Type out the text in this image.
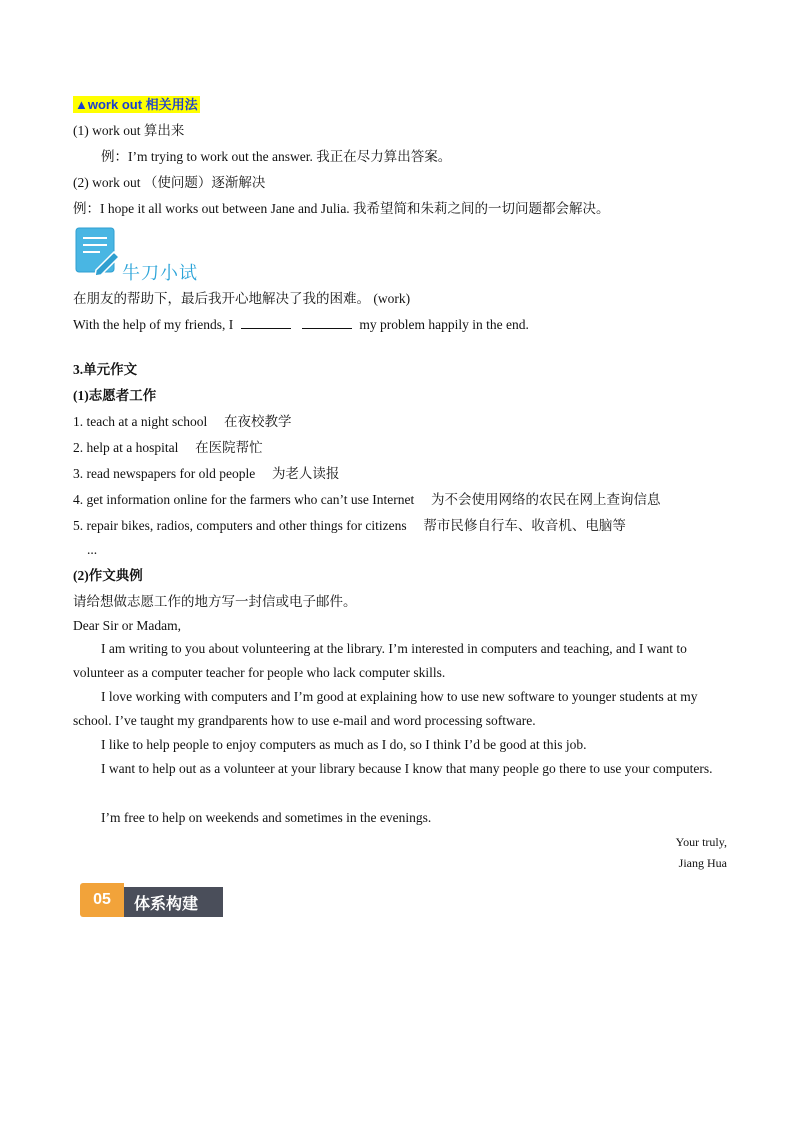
▲work out 相关用法
(1) work out 算出来
例：I’m trying to work out the answer. 我正在尽力算出答案。
(2) work out （使问题）逐渐解决
例：I hope it all works out between Jane and Julia. 我希望简和朱莉之间的一切问题都会解决。
牛刀小试
在朋友的帮助下，最后我开心地解决了我的困难。 (work)
With the help of my friends, I	my problem happily in the end.
3.单元作文
(1)志愿者工作
1. teach at a night school 在夜校教学
2. help at a hospital 在医院帮忙
3. read newspapers for old people 为老人读报
4. get information online for the farmers who can’t use Internet 为不会使用网络的农民在网上查询信息
5. repair bikes, radios, computers and other things for citizens 帮市民修自行车、收音机、电脑等
...
(2)作文典例
请给想做志愿工作的地方写一封信或电子邮件。
Dear Sir or Madam,
I am writing to you about volunteering at the library. I’m interested in computers and teaching, and I want to volunteer as a computer teacher for people who lack computer skills.
I love working with computers and I’m good at explaining how to use new software to younger students at my school. I’ve taught my grandparents how to use e-mail and word processing software.
I like to help people to enjoy computers as much as I do, so I think I’d be good at this job.
I want to help out as a volunteer at your library because I know that many people go there to use your computers.
I’m free to help on weekends and sometimes in the evenings.
Your truly,
Jiang Hua
05	体系构建
